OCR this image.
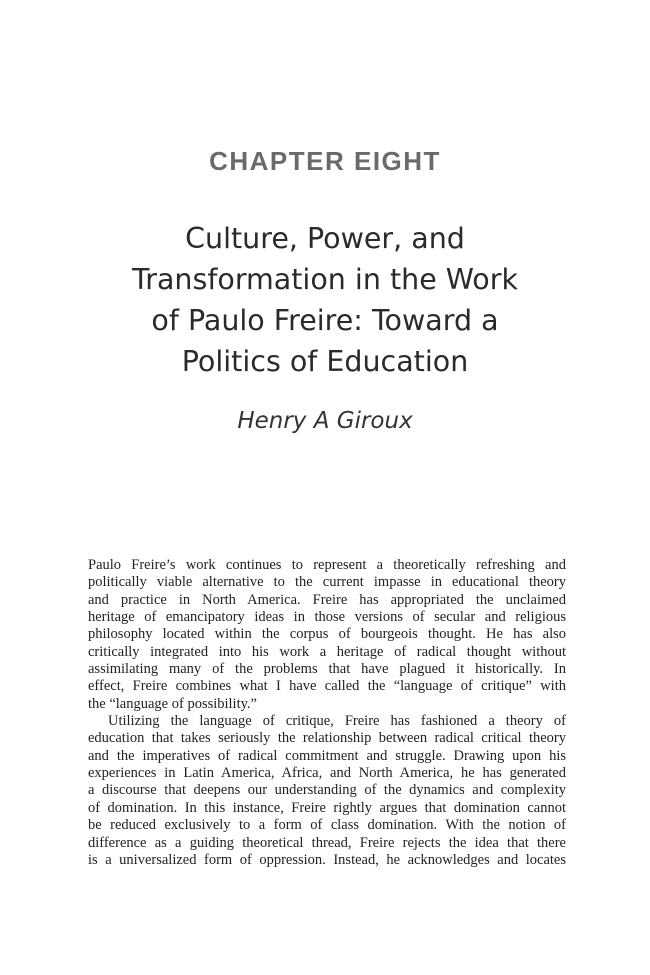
CHAPTER EIGHT
Culture, Power, and
Transformation in the Work
of Paulo Freire: Toward a
Politics of Education
Henry A Giroux
Paulo Freire’s work continues to represent a theoretically refreshing and
politically viable alternative to the current impasse in educational theory
and practice in North America. Freire has appropriated the unclaimed
heritage of emancipatory ideas in those versions of secular and religious
philosophy located within the corpus of bourgeois thought. He has also
critically integrated into his work a heritage of radical thought without
assimilating many of the problems that have plagued it historically. In
effect, Freire combines what I have called the “language of critique” with
the “language of possibility.”
Utilizing the language of critique, Freire has fashioned a theory of
education that takes seriously the relationship between radical critical theory
and the imperatives of radical commitment and struggle. Drawing upon his
experiences in Latin America, Africa, and North America, he has generated
a discourse that deepens our understanding of the dynamics and complexity
of domination. In this instance, Freire rightly argues that domination cannot
be reduced exclusively to a form of class domination. With the notion of
difference as a guiding theoretical thread, Freire rejects the idea that there
is a universalized form of oppression. Instead, he acknowledges and locates
